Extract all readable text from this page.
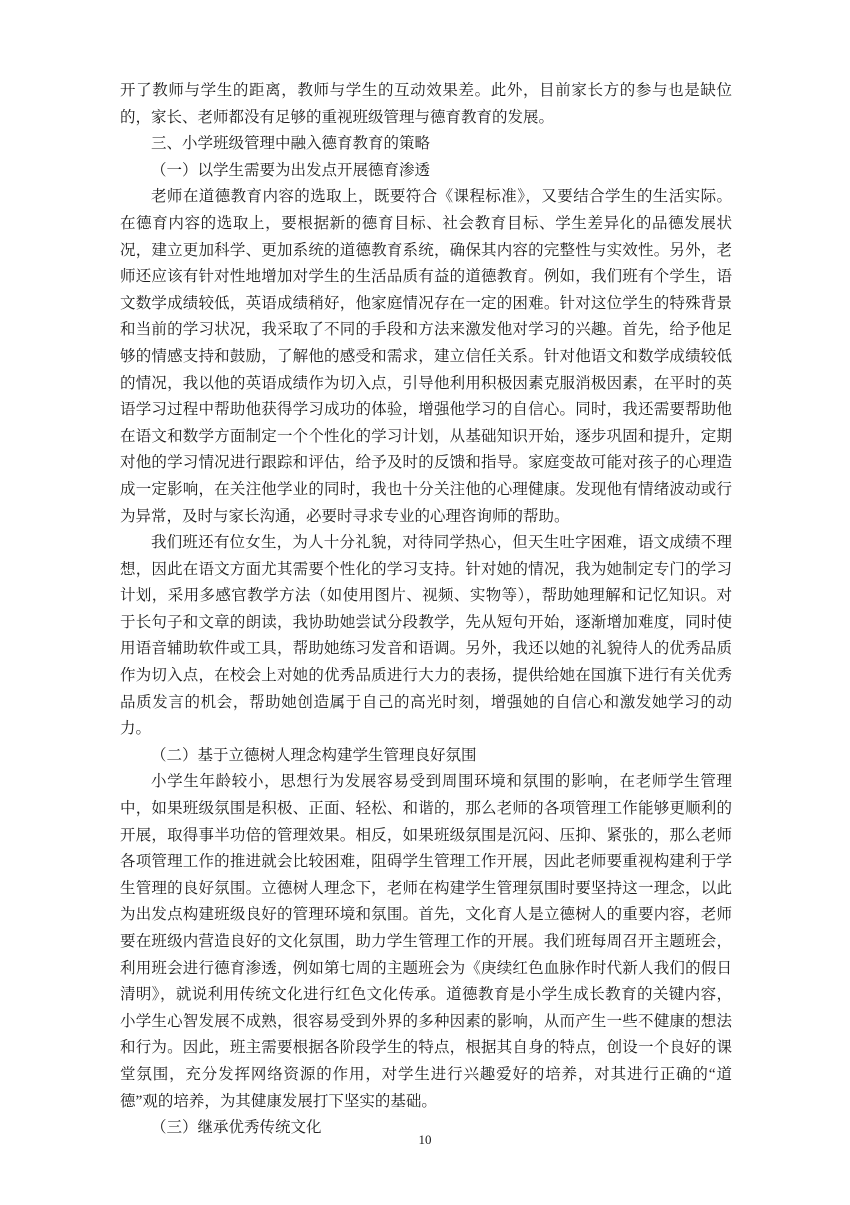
开了教师与学生的距离，教师与学生的互动效果差。此外，目前家长方的参与也是缺位的，家长、老师都没有足够的重视班级管理与德育教育的发展。

三、小学班级管理中融入德育教育的策略

（一）以学生需要为出发点开展德育渗透

老师在道德教育内容的选取上，既要符合《课程标准》，又要结合学生的生活实际。在德育内容的选取上，要根据新的德育目标、社会教育目标、学生差异化的品德发展状况，建立更加科学、更加系统的道德教育系统，确保其内容的完整性与实效性。另外，老师还应该有针对性地增加对学生的生活品质有益的道德教育。例如，我们班有个学生，语文数学成绩较低，英语成绩稍好，他家庭情况存在一定的困难。针对这位学生的特殊背景和当前的学习状况，我采取了不同的手段和方法来激发他对学习的兴趣。首先，给予他足够的情感支持和鼓励，了解他的感受和需求，建立信任关系。针对他语文和数学成绩较低的情况，我以他的英语成绩作为切入点，引导他利用积极因素克服消极因素，在平时的英语学习过程中帮助他获得学习成功的体验，增强他学习的自信心。同时，我还需要帮助他在语文和数学方面制定一个个性化的学习计划，从基础知识开始，逐步巩固和提升，定期对他的学习情况进行跟踪和评估，给予及时的反馈和指导。家庭变故可能对孩子的心理造成一定影响，在关注他学业的同时，我也十分关注他的心理健康。发现他有情绪波动或行为异常，及时与家长沟通，必要时寻求专业的心理咨询师的帮助。

我们班还有位女生，为人十分礼貌，对待同学热心，但天生吐字困难，语文成绩不理想，因此在语文方面尤其需要个性化的学习支持。针对她的情况，我为她制定专门的学习计划，采用多感官教学方法（如使用图片、视频、实物等），帮助她理解和记忆知识。对于长句子和文章的朗读，我协助她尝试分段教学，先从短句开始，逐渐增加难度，同时使用语音辅助软件或工具，帮助她练习发音和语调。另外，我还以她的礼貌待人的优秀品质作为切入点，在校会上对她的优秀品质进行大力的表扬，提供给她在国旗下进行有关优秀品质发言的机会，帮助她创造属于自己的高光时刻，增强她的自信心和激发她学习的动力。

（二）基于立德树人理念构建学生管理良好氛围

小学生年龄较小，思想行为发展容易受到周围环境和氛围的影响，在老师学生管理中，如果班级氛围是积极、正面、轻松、和谐的，那么老师的各项管理工作能够更顺利的开展，取得事半功倍的管理效果。相反，如果班级氛围是沉闷、压抑、紧张的，那么老师各项管理工作的推进就会比较困难，阻碍学生管理工作开展，因此老师要重视构建利于学生管理的良好氛围。立德树人理念下，老师在构建学生管理氛围时要坚持这一理念，以此为出发点构建班级良好的管理环境和氛围。首先，文化育人是立德树人的重要内容，老师要在班级内营造良好的文化氛围，助力学生管理工作的开展。我们班每周召开主题班会，利用班会进行德育渗透，例如第七周的主题班会为《庚续红色血脉作时代新人我们的假日清明》，就说利用传统文化进行红色文化传承。道德教育是小学生成长教育的关键内容，小学生心智发展不成熟，很容易受到外界的多种因素的影响，从而产生一些不健康的想法和行为。因此，班主需要根据各阶段学生的特点，根据其自身的特点，创设一个良好的课堂氛围，充分发挥网络资源的作用，对学生进行兴趣爱好的培养，对其进行正确的“道德”观的培养，为其健康发展打下坚实的基础。

（三）继承优秀传统文化

10
